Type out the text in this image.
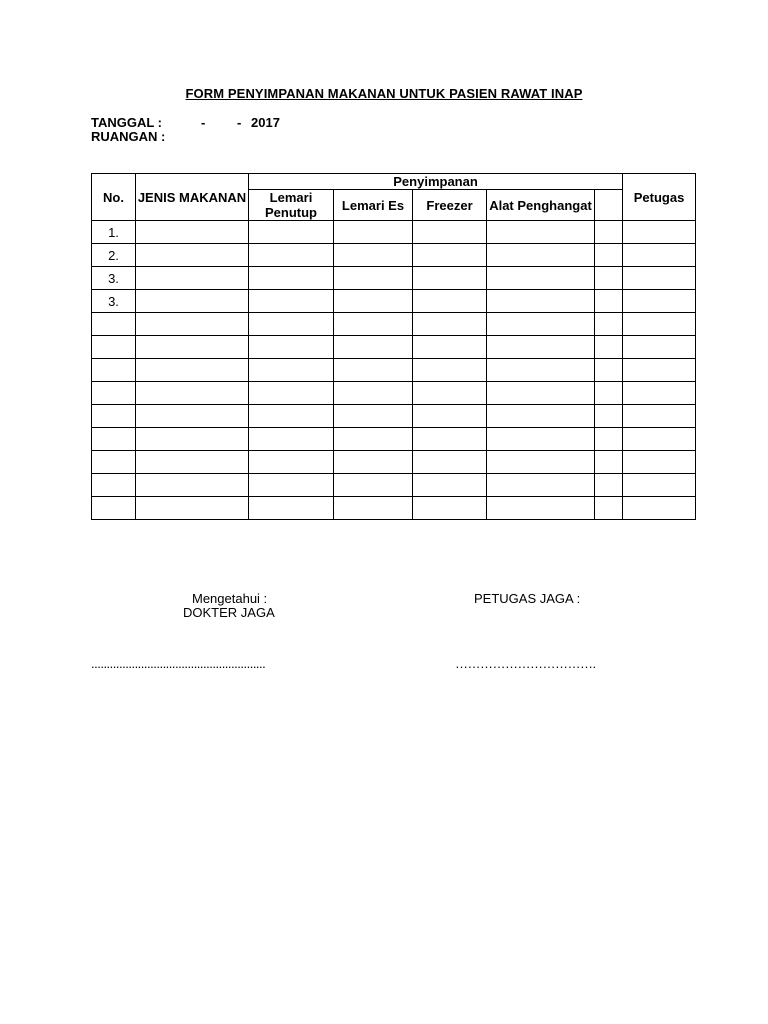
FORM PENYIMPANAN MAKANAN UNTUK PASIEN RAWAT INAP
TANGGAL :	- - 2017
RUANGAN :
No.	JENIS MAKANAN	Penyimpanan					Petugas
		Lemari Penutup	Lemari Es	Freezer	Alat Penghangat		
1.							
2.							
3.							
3.							

Mengetahui :
DOKTER JAGA
PETUGAS JAGA :
........................................................	…………………………….
